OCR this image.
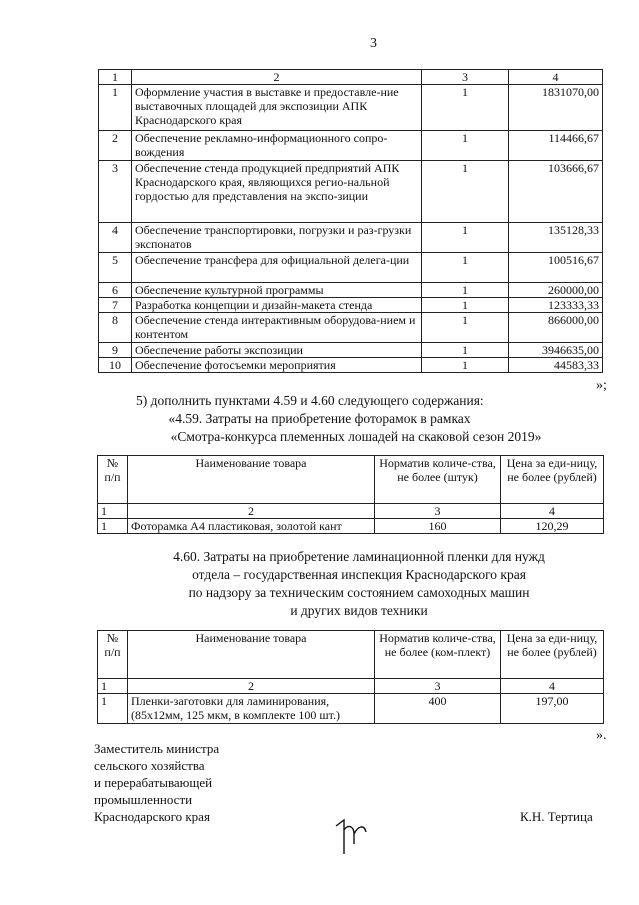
3
1	2	3	4
1	Оформление участия в выставке и предоставле-ние выставочных площадей для экспозиции АПК Краснодарского края	1	1831070,00
2	Обеспечение рекламно-информационного сопро-вождения	1	114466,67
3	Обеспечение стенда продукцией предприятий АПК Краснодарского края, являющихся регио-нальной гордостью для представления на экспо-зиции	1	103666,67
4	Обеспечение транспортировки, погрузки и раз-грузки экспонатов	1	135128,33
5	Обеспечение трансфера для официальной делега-ции	1	100516,67
6	Обеспечение культурной программы	1	260000,00
7	Разработка концепции и дизайн-макета стенда	1	123333,33
8	Обеспечение стенда интерактивным оборудова-нием и контентом	1	866000,00
9	Обеспечение работы экспозиции	1	3946635,00
10	Обеспечение фотосъемки мероприятия	1	44583,33
»;
5) дополнить пунктами 4.59 и 4.60 следующего содержания:
«4.59. Затраты на приобретение фоторамок в рамках
«Смотра-конкурса племенных лошадей на скаковой сезон 2019»
№ п/п	Наименование товара	Норматив количе-ства, не более (штук)	Цена за еди-ницу, не более (рублей)
1	2	3	4
1	Фоторамка А4 пластиковая, золотой кант	160	120,29
4.60. Затраты на приобретение ламинационной пленки для нужд
отдела – государственная инспекция Краснодарского края
по надзору за техническим состоянием самоходных машин
и других видов техники
№ п/п	Наименование товара	Норматив количе-ства, не более (ком-плект)	Цена за еди-ницу, не более (рублей)
1	2	3	4
1	Пленки-заготовки для ламинирования, (85х12мм, 125 мкм, в комплекте 100 шт.)	400	197,00
».
Заместитель министра
сельского хозяйства
и перерабатывающей
промышленности
Краснодарского края	К.Н. Тертица
